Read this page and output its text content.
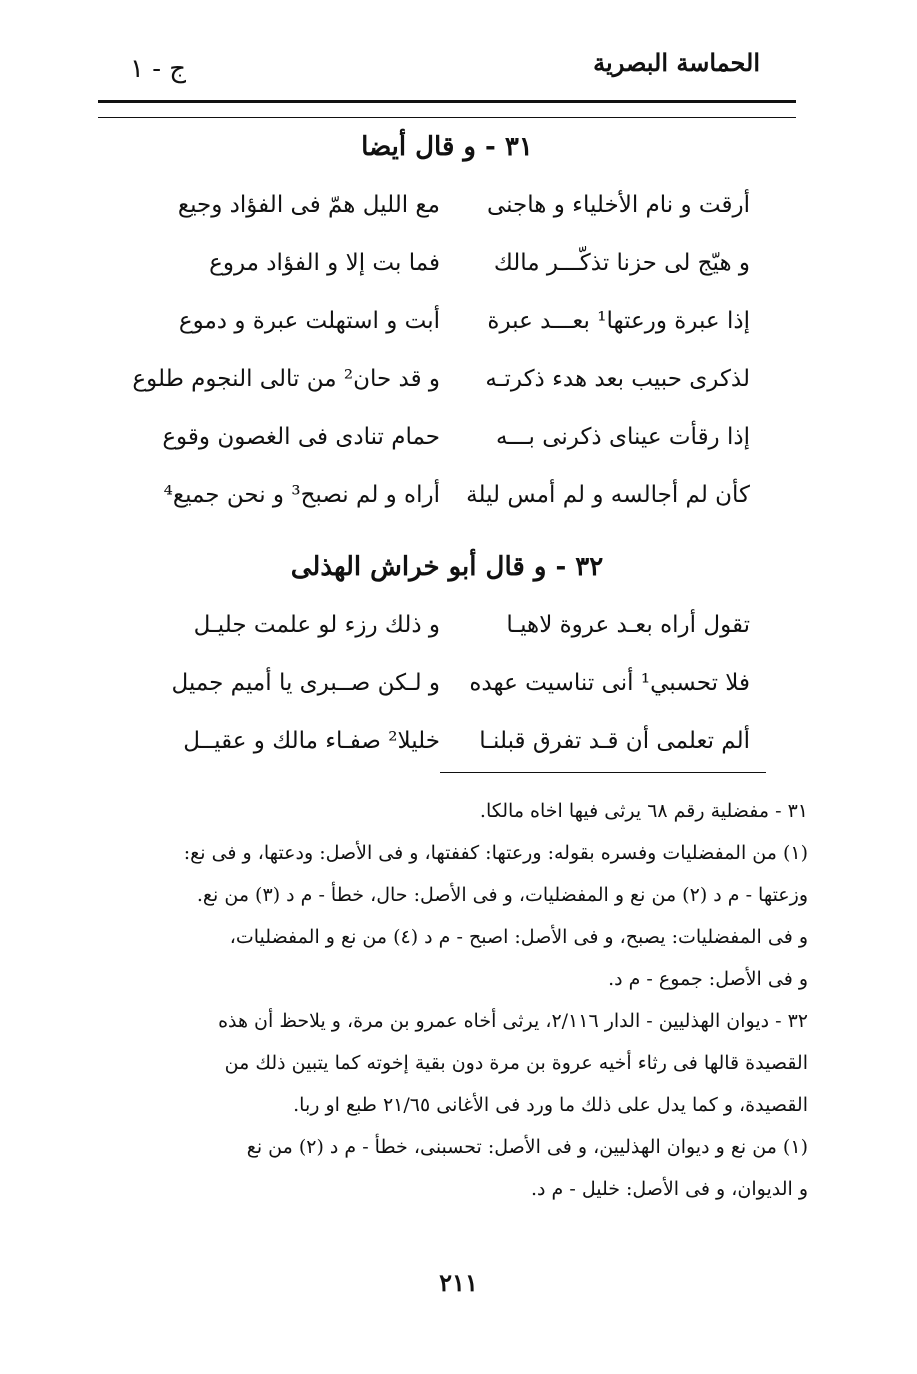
الحماسة البصرية
ج - ١
٣١ - و قال أيضا
أرقت و نام الأخلياء و هاجنى
مع الليل همّ فى الفؤاد وجيع
و هيّج لى حزنا تذكّـــر مالك
فما بت إلا و الفؤاد مروع
إذا عبرة ورعتها¹ بعـــد عبرة
أبت و استهلت عبرة و دموع
لذكرى حبيب بعد هدء ذكرتـه
و قد حان² من تالى النجوم طلوع
إذا رقأت عيناى ذكرنى بـــه
حمام تنادى فى الغصون وقوع
كأن لم أجالسه و لم أمس ليلة
أراه و لم نصبح³ و نحن جميع⁴
٣٢ - و قال أبو خراش الهذلى
تقول أراه بعـد عروة لاهيـا
و ذلك رزء لو علمت جليـل
فلا تحسبي¹ أنى تناسيت عهده
و لـكن صــبرى يا أميم جميل
ألم تعلمى أن قـد تفرق قبلنـا
خليلا² صفـاء مالك و عقيــل
٣١ - مفضلية رقم ٦٨ يرثى فيها اخاه مالكا.
(١) من المفضليات وفسره بقوله: ورعتها: كففتها، و فى الأصل: ودعتها، و فى نع:
وزعتها - م د (٢) من نع و المفضليات، و فى الأصل: حال، خطأ - م د (٣) من نع.
و فى المفضليات: يصبح، و فى الأصل: اصبح - م د (٤) من نع و المفضليات،
و فى الأصل: جموع - م د.
٣٢ - ديوان الهذليين - الدار ٢/١١٦، يرثى أخاه عمرو بن مرة، و يلاحظ أن هذه
القصيدة قالها فى رثاء أخيه عروة بن مرة دون بقية إخوته كما يتبين ذلك من
القصيدة، و كما يدل على ذلك ما ورد فى الأغانى ٢١/٦٥ طبع او ربا.
(١) من نع و ديوان الهذليين، و فى الأصل: تحسبنى، خطأ - م د (٢) من نع
و الديوان، و فى الأصل: خليل - م د.
٢١١
